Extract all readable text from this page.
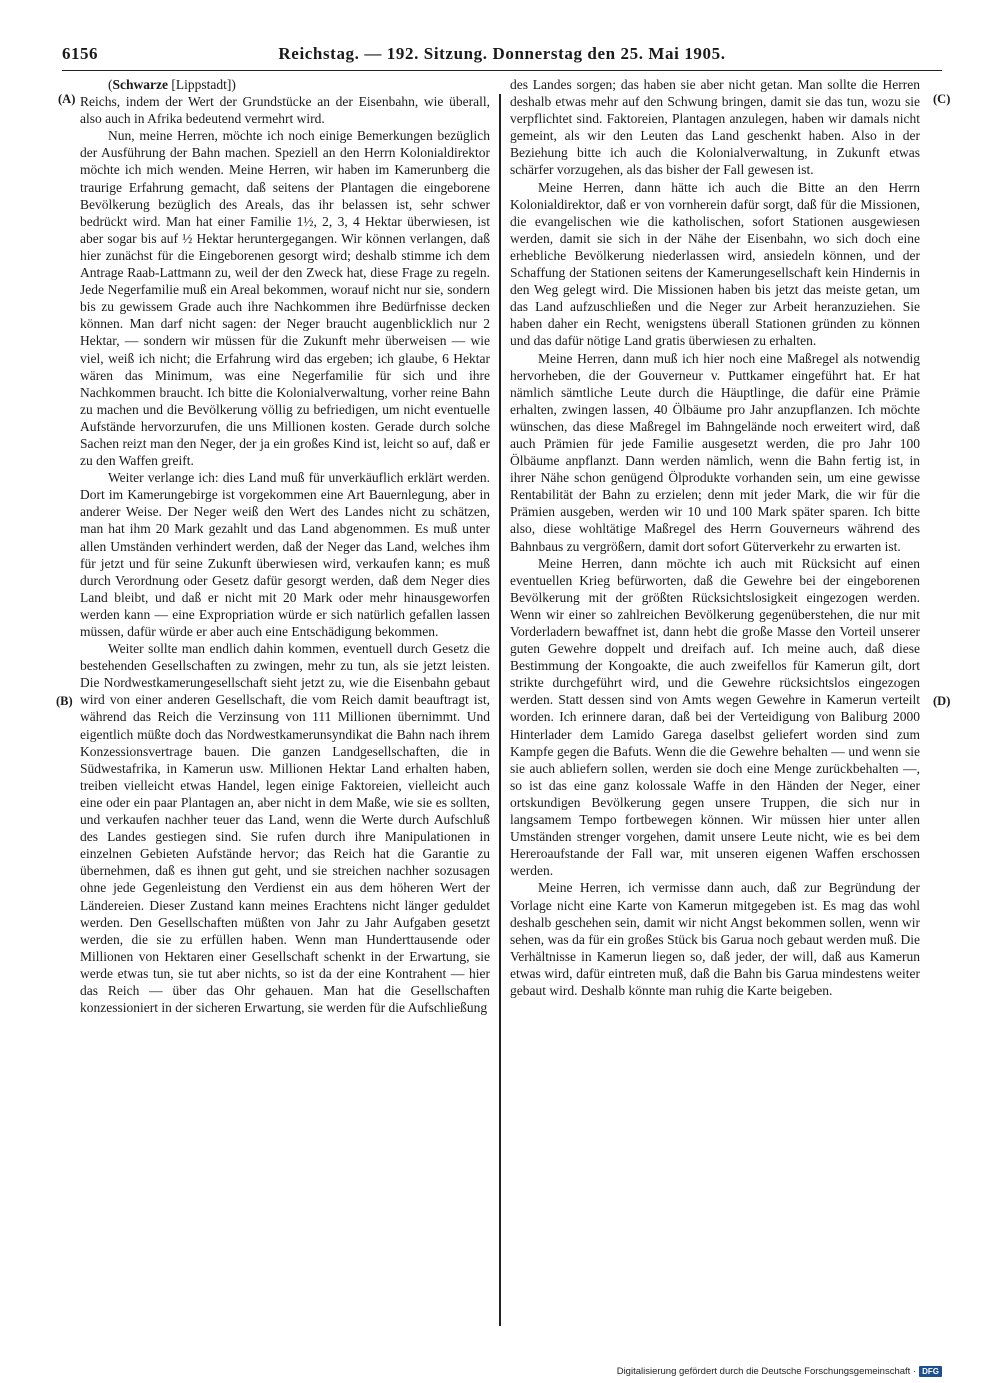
6156	Reichstag. — 192. Sitzung. Donnerstag den 25. Mai 1905.
(A)
(B)
(C)
(D)

(Schwarze [Lippstadt])

Reichs, indem der Wert der Grundstücke an der Eisenbahn, wie überall, also auch in Afrika bedeutend vermehrt wird.

Nun, meine Herren, möchte ich noch einige Bemerkungen bezüglich der Ausführung der Bahn machen. Speziell an den Herrn Kolonialdirektor möchte ich mich wenden. Meine Herren, wir haben im Kamerunberg die traurige Erfahrung gemacht, daß seitens der Plantagen die eingeborene Bevölkerung bezüglich des Areals, das ihr belassen ist, sehr schwer bedrückt wird. Man hat einer Familie 1½, 2, 3, 4 Hektar überwiesen, ist aber sogar bis auf ½ Hektar heruntergegangen. Wir können verlangen, daß hier zunächst für die Eingeborenen gesorgt wird; deshalb stimme ich dem Antrage Raab-Lattmann zu, weil der den Zweck hat, diese Frage zu regeln. Jede Negerfamilie muß ein Areal bekommen, worauf nicht nur sie, sondern bis zu gewissem Grade auch ihre Nachkommen ihre Bedürfnisse decken können. Man darf nicht sagen: der Neger braucht augenblicklich nur 2 Hektar, — sondern wir müssen für die Zukunft mehr überweisen — wie viel, weiß ich nicht; die Erfahrung wird das ergeben; ich glaube, 6 Hektar wären das Minimum, was eine Negerfamilie für sich und ihre Nachkommen braucht. Ich bitte die Kolonialverwaltung, vorher reine Bahn zu machen und die Bevölkerung völlig zu befriedigen, um nicht eventuelle Aufstände hervorzurufen, die uns Millionen kosten. Gerade durch solche Sachen reizt man den Neger, der ja ein großes Kind ist, leicht so auf, daß er zu den Waffen greift.

Weiter verlange ich: dies Land muß für unverkäuflich erklärt werden. Dort im Kamerungebirge ist vorgekommen eine Art Bauernlegung, aber in anderer Weise. Der Neger weiß den Wert des Landes nicht zu schätzen, man hat ihm 20 Mark gezahlt und das Land abgenommen. Es muß unter allen Umständen verhindert werden, daß der Neger das Land, welches ihm für jetzt und für seine Zukunft überwiesen wird, verkaufen kann; es muß durch Verordnung oder Gesetz dafür gesorgt werden, daß dem Neger dies Land bleibt, und daß er nicht mit 20 Mark oder mehr hinausgeworfen werden kann — eine Expropriation würde er sich natürlich gefallen lassen müssen, dafür würde er aber auch eine Entschädigung bekommen.

Weiter sollte man endlich dahin kommen, eventuell durch Gesetz die bestehenden Gesellschaften zu zwingen, mehr zu tun, als sie jetzt leisten. Die Nordwestkamerungesellschaft sieht jetzt zu, wie die Eisenbahn gebaut wird von einer anderen Gesellschaft, die vom Reich damit beauftragt ist, während das Reich die Verzinsung von 111 Millionen übernimmt. Und eigentlich müßte doch das Nordwestkamerunsyndikat die Bahn nach ihrem Konzessionsvertrage bauen. Die ganzen Landgesellschaften, die in Südwestafrika, in Kamerun usw. Millionen Hektar Land erhalten haben, treiben vielleicht etwas Handel, legen einige Faktoreien, vielleicht auch eine oder ein paar Plantagen an, aber nicht in dem Maße, wie sie es sollten, und verkaufen nachher teuer das Land, wenn die Werte durch Aufschluß des Landes gestiegen sind. Sie rufen durch ihre Manipulationen in einzelnen Gebieten Aufstände hervor; das Reich hat die Garantie zu übernehmen, daß es ihnen gut geht, und sie streichen nachher sozusagen ohne jede Gegenleistung den Verdienst ein aus dem höheren Wert der Ländereien. Dieser Zustand kann meines Erachtens nicht länger geduldet werden. Den Gesellschaften müßten von Jahr zu Jahr Aufgaben gesetzt werden, die sie zu erfüllen haben. Wenn man Hunderttausende oder Millionen von Hektaren einer Gesellschaft schenkt in der Erwartung, sie werde etwas tun, sie tut aber nichts, so ist da der eine Kontrahent — hier das Reich — über das Ohr gehauen. Man hat die Gesellschaften konzessioniert in der sicheren Erwartung, sie werden für die Aufschließung

des Landes sorgen; das haben sie aber nicht getan. Man sollte die Herren deshalb etwas mehr auf den Schwung bringen, damit sie das tun, wozu sie verpflichtet sind. Faktoreien, Plantagen anzulegen, haben wir damals nicht gemeint, als wir den Leuten das Land geschenkt haben. Also in der Beziehung bitte ich auch die Kolonialverwaltung, in Zukunft etwas schärfer vorzugehen, als das bisher der Fall gewesen ist.

Meine Herren, dann hätte ich auch die Bitte an den Herrn Kolonialdirektor, daß er von vornherein dafür sorgt, daß für die Missionen, die evangelischen wie die katholischen, sofort Stationen ausgewiesen werden, damit sie sich in der Nähe der Eisenbahn, wo sich doch eine erhebliche Bevölkerung niederlassen wird, ansiedeln können, und der Schaffung der Stationen seitens der Kamerungesellschaft kein Hindernis in den Weg gelegt wird. Die Missionen haben bis jetzt das meiste getan, um das Land aufzuschließen und die Neger zur Arbeit heranzuziehen. Sie haben daher ein Recht, wenigstens überall Stationen gründen zu können und das dafür nötige Land gratis überwiesen zu erhalten.

Meine Herren, dann muß ich hier noch eine Maßregel als notwendig hervorheben, die der Gouverneur v. Puttkamer eingeführt hat. Er hat nämlich sämtliche Leute durch die Häuptlinge, die dafür eine Prämie erhalten, zwingen lassen, 40 Ölbäume pro Jahr anzupflanzen. Ich möchte wünschen, das diese Maßregel im Bahngelände noch erweitert wird, daß auch Prämien für jede Familie ausgesetzt werden, die pro Jahr 100 Ölbäume anpflanzt. Dann werden nämlich, wenn die Bahn fertig ist, in ihrer Nähe schon genügend Ölprodukte vorhanden sein, um eine gewisse Rentabilität der Bahn zu erzielen; denn mit jeder Mark, die wir für die Prämien ausgeben, werden wir 10 und 100 Mark später sparen. Ich bitte also, diese wohltätige Maßregel des Herrn Gouverneurs während des Bahnbaus zu vergrößern, damit dort sofort Güterverkehr zu erwarten ist.

Meine Herren, dann möchte ich auch mit Rücksicht auf einen eventuellen Krieg befürworten, daß die Gewehre bei der eingeborenen Bevölkerung mit der größten Rücksichtslosigkeit eingezogen werden. Wenn wir einer so zahlreichen Bevölkerung gegenüberstehen, die nur mit Vorderladern bewaffnet ist, dann hebt die große Masse den Vorteil unserer guten Gewehre doppelt und dreifach auf. Ich meine auch, daß diese Bestimmung der Kongoakte, die auch zweifellos für Kamerun gilt, dort strikte durchgeführt wird, und die Gewehre rücksichtslos eingezogen werden. Statt dessen sind von Amts wegen Gewehre in Kamerun verteilt worden. Ich erinnere daran, daß bei der Verteidigung von Baliburg 2000 Hinterlader dem Lamido Garega daselbst geliefert worden sind zum Kampfe gegen die Bafuts. Wenn die die Gewehre behalten — und wenn sie sie auch abliefern sollen, werden sie doch eine Menge zurückbehalten —, so ist das eine ganz kolossale Waffe in den Händen der Neger, einer ortskundigen Bevölkerung gegen unsere Truppen, die sich nur in langsamem Tempo fortbewegen können. Wir müssen hier unter allen Umständen strenger vorgehen, damit unsere Leute nicht, wie es bei dem Hereroaufstande der Fall war, mit unseren eigenen Waffen erschossen werden.

Meine Herren, ich vermisse dann auch, daß zur Begründung der Vorlage nicht eine Karte von Kamerun mitgegeben ist. Es mag das wohl deshalb geschehen sein, damit wir nicht Angst bekommen sollen, wenn wir sehen, was da für ein großes Stück bis Garua noch gebaut werden muß. Die Verhältnisse in Kamerun liegen so, daß jeder, der will, daß aus Kamerun etwas wird, dafür eintreten muß, daß die Bahn bis Garua mindestens weiter gebaut wird. Deshalb könnte man ruhig die Karte beigeben.

Digitalisierung gefördert durch die Deutsche Forschungsgemeinschaft · DFG
